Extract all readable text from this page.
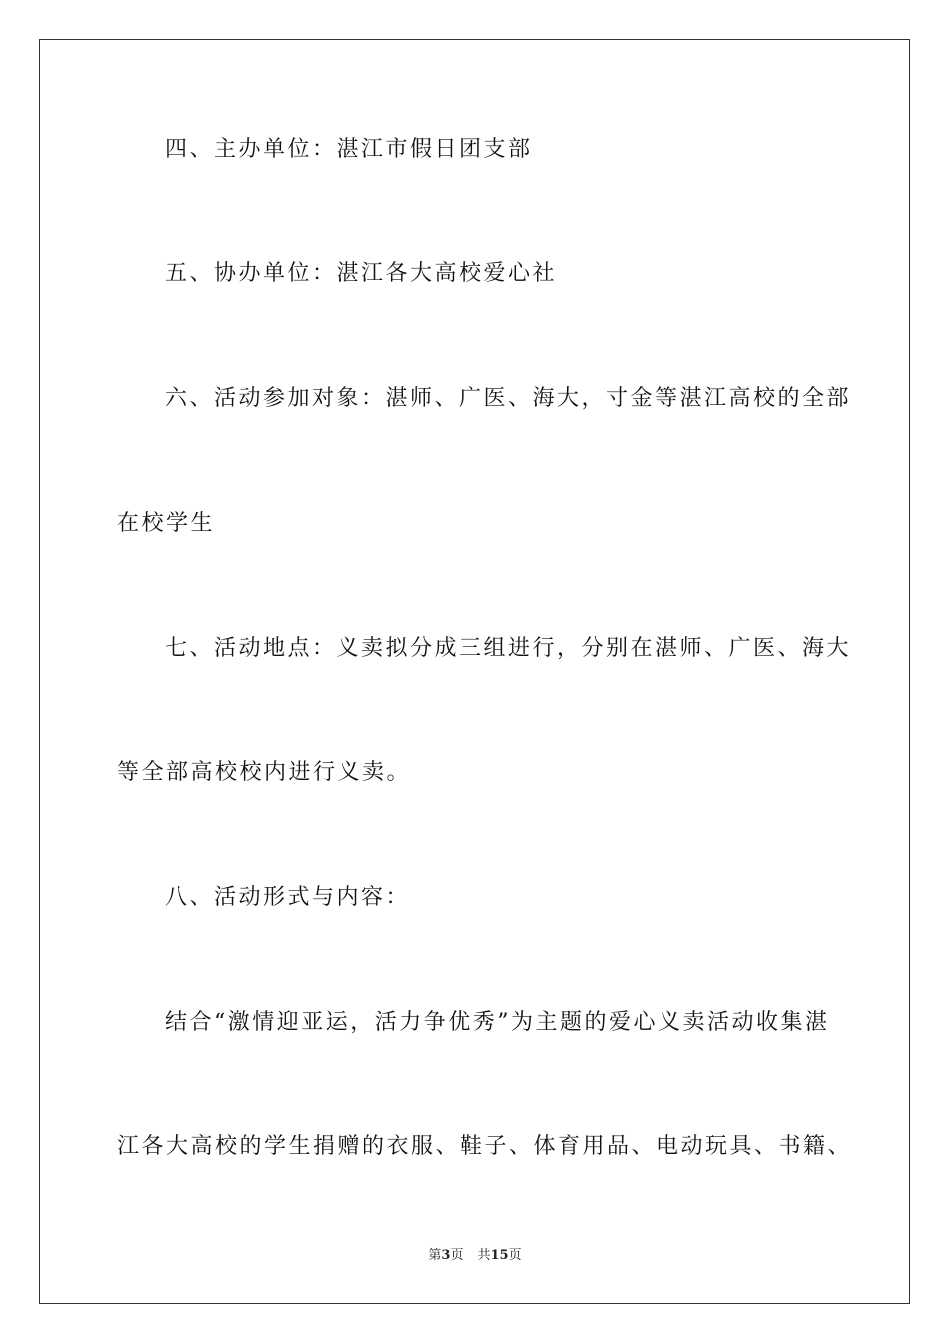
四、主办单位：湛江市假日团支部
五、协办单位：湛江各大高校爱心社
六、活动参加对象：湛师、广医、海大，寸金等湛江高校的全部
在校学生
七、活动地点：义卖拟分成三组进行，分别在湛师、广医、海大
等全部高校校内进行义卖。
八、活动形式与内容：
结合“激情迎亚运，活力争优秀”为主题的爱心义卖活动收集湛
江各大高校的学生捐赠的衣服、鞋子、体育用品、电动玩具、书籍、
第3页 共15页
